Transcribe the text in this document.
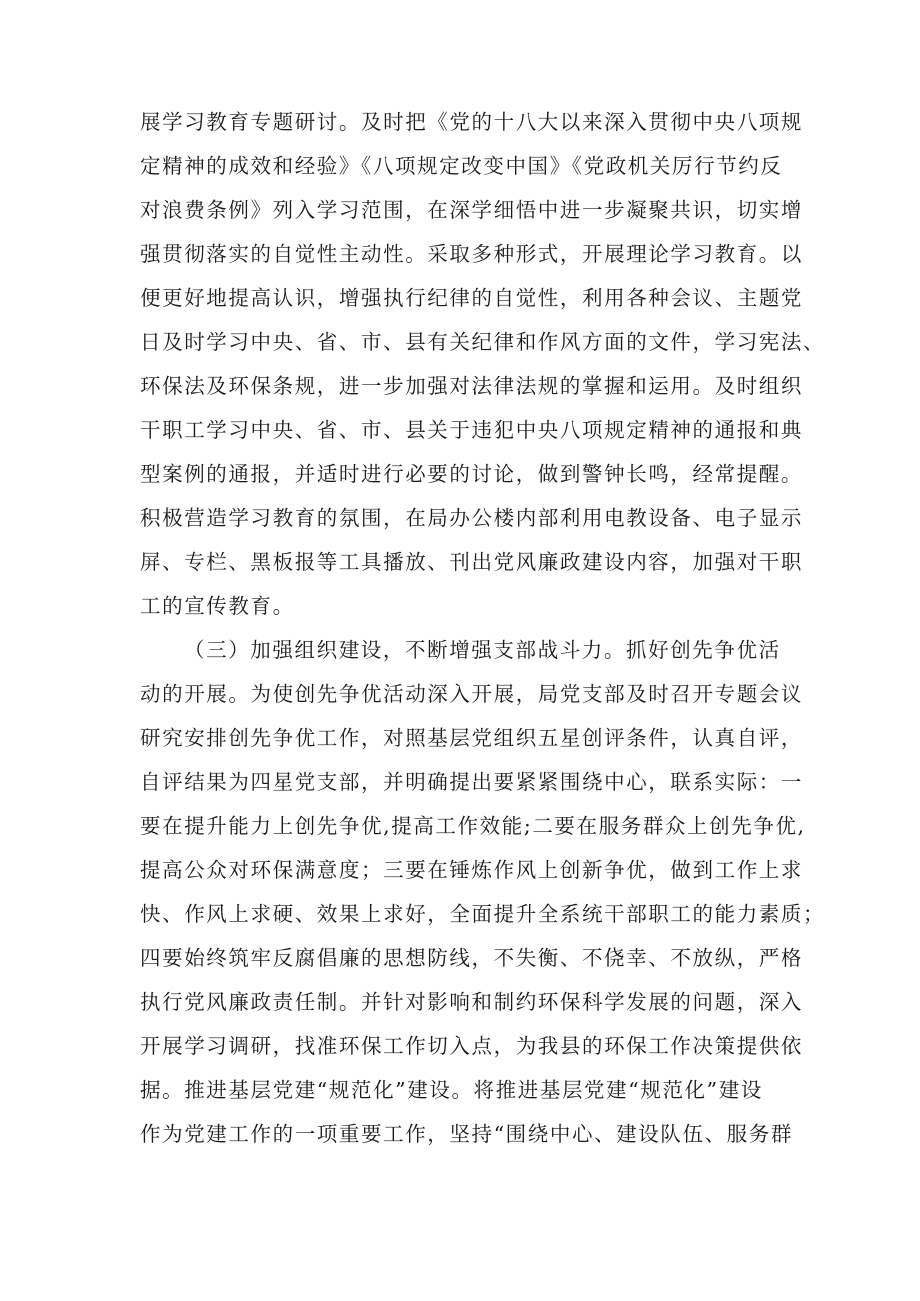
展学习教育专题研讨。及时把《党的十八大以来深入贯彻中央八项规
定精神的成效和经验》《八项规定改变中国》《党政机关厉行节约反
对浪费条例》列入学习范围，在深学细悟中进一步凝聚共识，切实增
强贯彻落实的自觉性主动性。采取多种形式，开展理论学习教育。以
便更好地提高认识，增强执行纪律的自觉性，利用各种会议、主题党
日及时学习中央、省、市、县有关纪律和作风方面的文件，学习宪法、
环保法及环保条规，进一步加强对法律法规的掌握和运用。及时组织
干职工学习中央、省、市、县关于违犯中央八项规定精神的通报和典
型案例的通报，并适时进行必要的讨论，做到警钟长鸣，经常提醒。
积极营造学习教育的氛围，在局办公楼内部利用电教设备、电子显示
屏、专栏、黑板报等工具播放、刊出党风廉政建设内容，加强对干职
工的宣传教育。
（三）加强组织建设，不断增强支部战斗力。抓好创先争优活
动的开展。为使创先争优活动深入开展，局党支部及时召开专题会议
研究安排创先争优工作，对照基层党组织五星创评条件，认真自评，
自评结果为四星党支部，并明确提出要紧紧围绕中心，联系实际：一
要在提升能力上创先争优,提高工作效能;二要在服务群众上创先争优,
提高公众对环保满意度；三要在锤炼作风上创新争优，做到工作上求
快、作风上求硬、效果上求好，全面提升全系统干部职工的能力素质；
四要始终筑牢反腐倡廉的思想防线，不失衡、不侥幸、不放纵，严格
执行党风廉政责任制。并针对影响和制约环保科学发展的问题，深入
开展学习调研，找准环保工作切入点，为我县的环保工作决策提供依
据。推进基层党建“规范化”建设。将推进基层党建“规范化”建设
作为党建工作的一项重要工作，坚持“围绕中心、建设队伍、服务群
